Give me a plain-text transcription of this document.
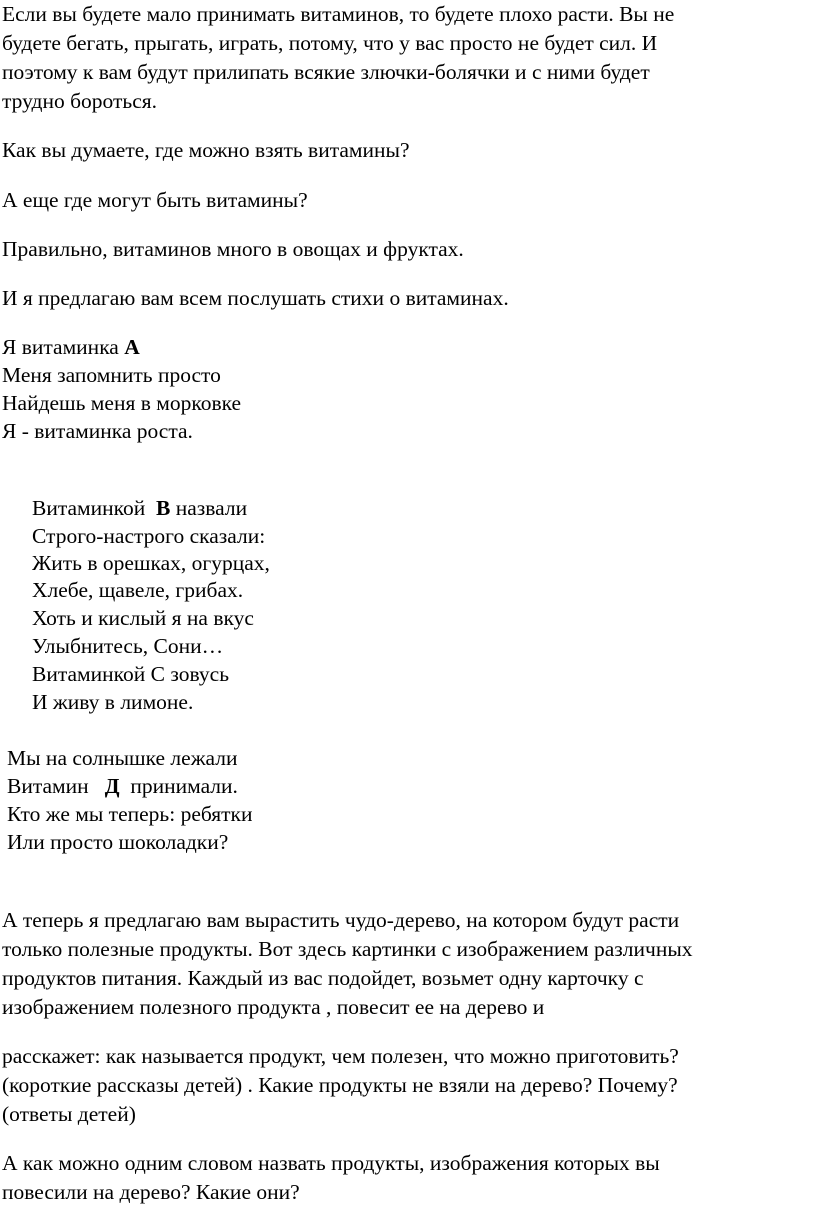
Если вы будете мало принимать витаминов, то будете плохо расти. Вы не
будете бегать, прыгать, играть, потому, что у вас просто не будет сил. И
поэтому к вам будут прилипать всякие злючки-болячки и с ними будет
трудно бороться.
Как вы думаете, где можно взять витамины?
А еще где могут быть витамины?
Правильно, витаминов много в овощах и фруктах.
И я предлагаю вам всем послушать стихи о витаминах.
Я витаминка А
Меня запомнить просто
Найдешь меня в морковке
Я - витаминка роста.
Витаминкой  В назвали
Строго-настрого сказали:
Жить в орешках, огурцах,
Хлебе, щавеле, грибах.
Хоть и кислый я на вкус
Улыбнитесь, Сони…
Витаминкой С зовусь
И живу в лимоне.
Мы на солнышке лежали
Витамин   Д  принимали.
Кто же мы теперь: ребятки
Или просто шоколадки?
А теперь я предлагаю вам вырастить чудо-дерево, на котором будут расти
только полезные продукты. Вот здесь картинки с изображением различных
продуктов питания. Каждый из вас подойдет, возьмет одну карточку с
изображением полезного продукта , повесит ее на дерево и
расскажет: как называется продукт, чем полезен, что можно приготовить?
(короткие рассказы детей) . Какие продукты не взяли на дерево? Почему?
(ответы детей)
А как можно одним словом назвать продукты, изображения которых вы
повесили на дерево? Какие они?
